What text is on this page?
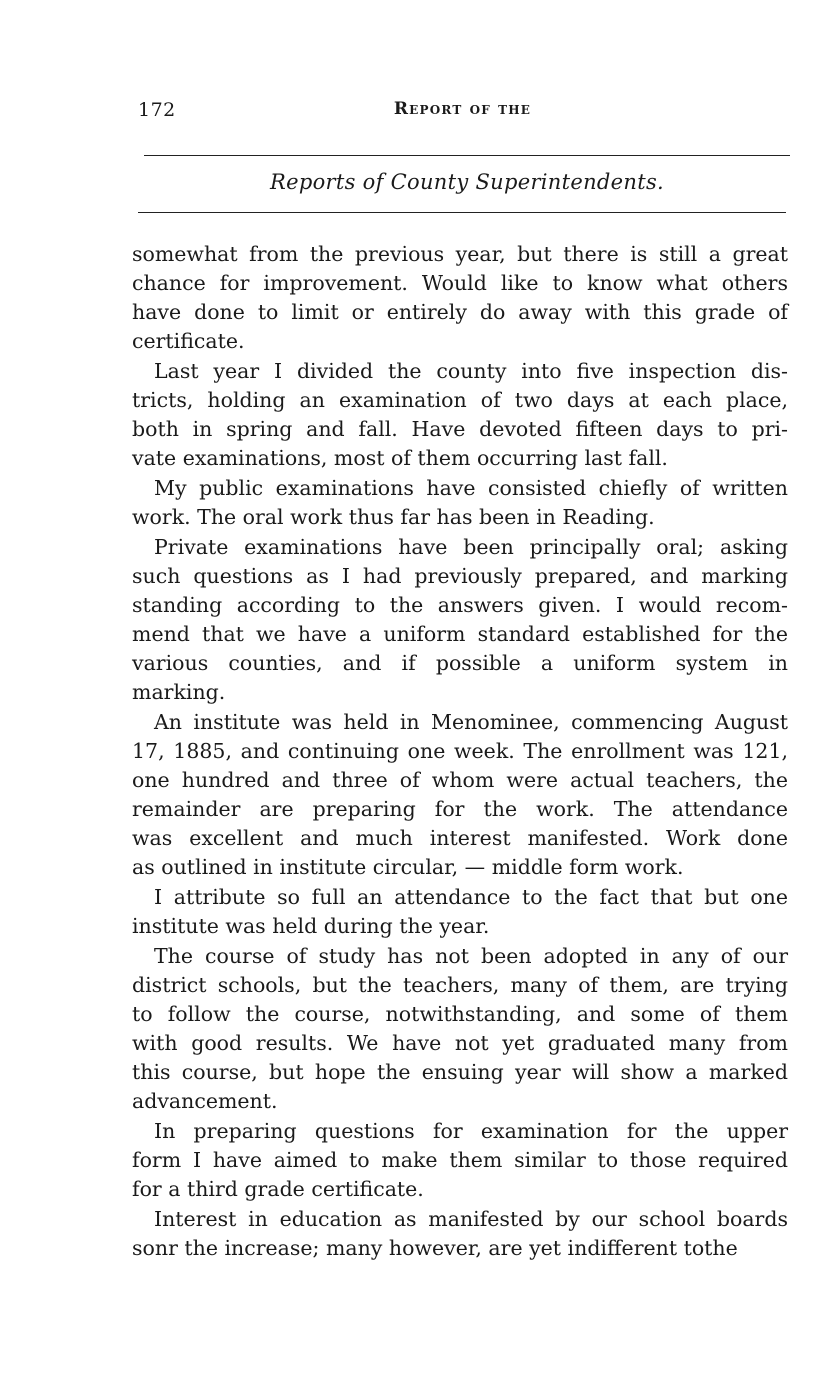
172	Report of the
Reports of County Superintendents.
somewhat from the previous year, but there is still a great
chance for improvement. Would like to know what others
have done to limit or entirely do away with this grade of
certificate.
Last year I divided the county into five inspection dis-
tricts, holding an examination of two days at each place,
both in spring and fall. Have devoted fifteen days to pri-
vate examinations, most of them occurring last fall.
My public examinations have consisted chiefly of written
work. The oral work thus far has been in Reading.
Private examinations have been principally oral; asking
such questions as I had previously prepared, and marking
standing according to the answers given. I would recom-
mend that we have a uniform standard established for the
various counties, and if possible a uniform system in
marking.
An institute was held in Menominee, commencing August
17, 1885, and continuing one week. The enrollment was 121,
one hundred and three of whom were actual teachers, the
remainder are preparing for the work. The attendance
was excellent and much interest manifested. Work done
as outlined in institute circular, — middle form work.
I attribute so full an attendance to the fact that but one
institute was held during the year.
The course of study has not been adopted in any of our
district schools, but the teachers, many of them, are trying
to follow the course, notwithstanding, and some of them
with good results. We have not yet graduated many from
this course, but hope the ensuing year will show a marked
advancement.
In preparing questions for examination for the upper
form I have aimed to make them similar to those required
for a third grade certificate.
Interest in education as manifested by our school boards
sonr the increase; many however, are yet indifferent tothe
